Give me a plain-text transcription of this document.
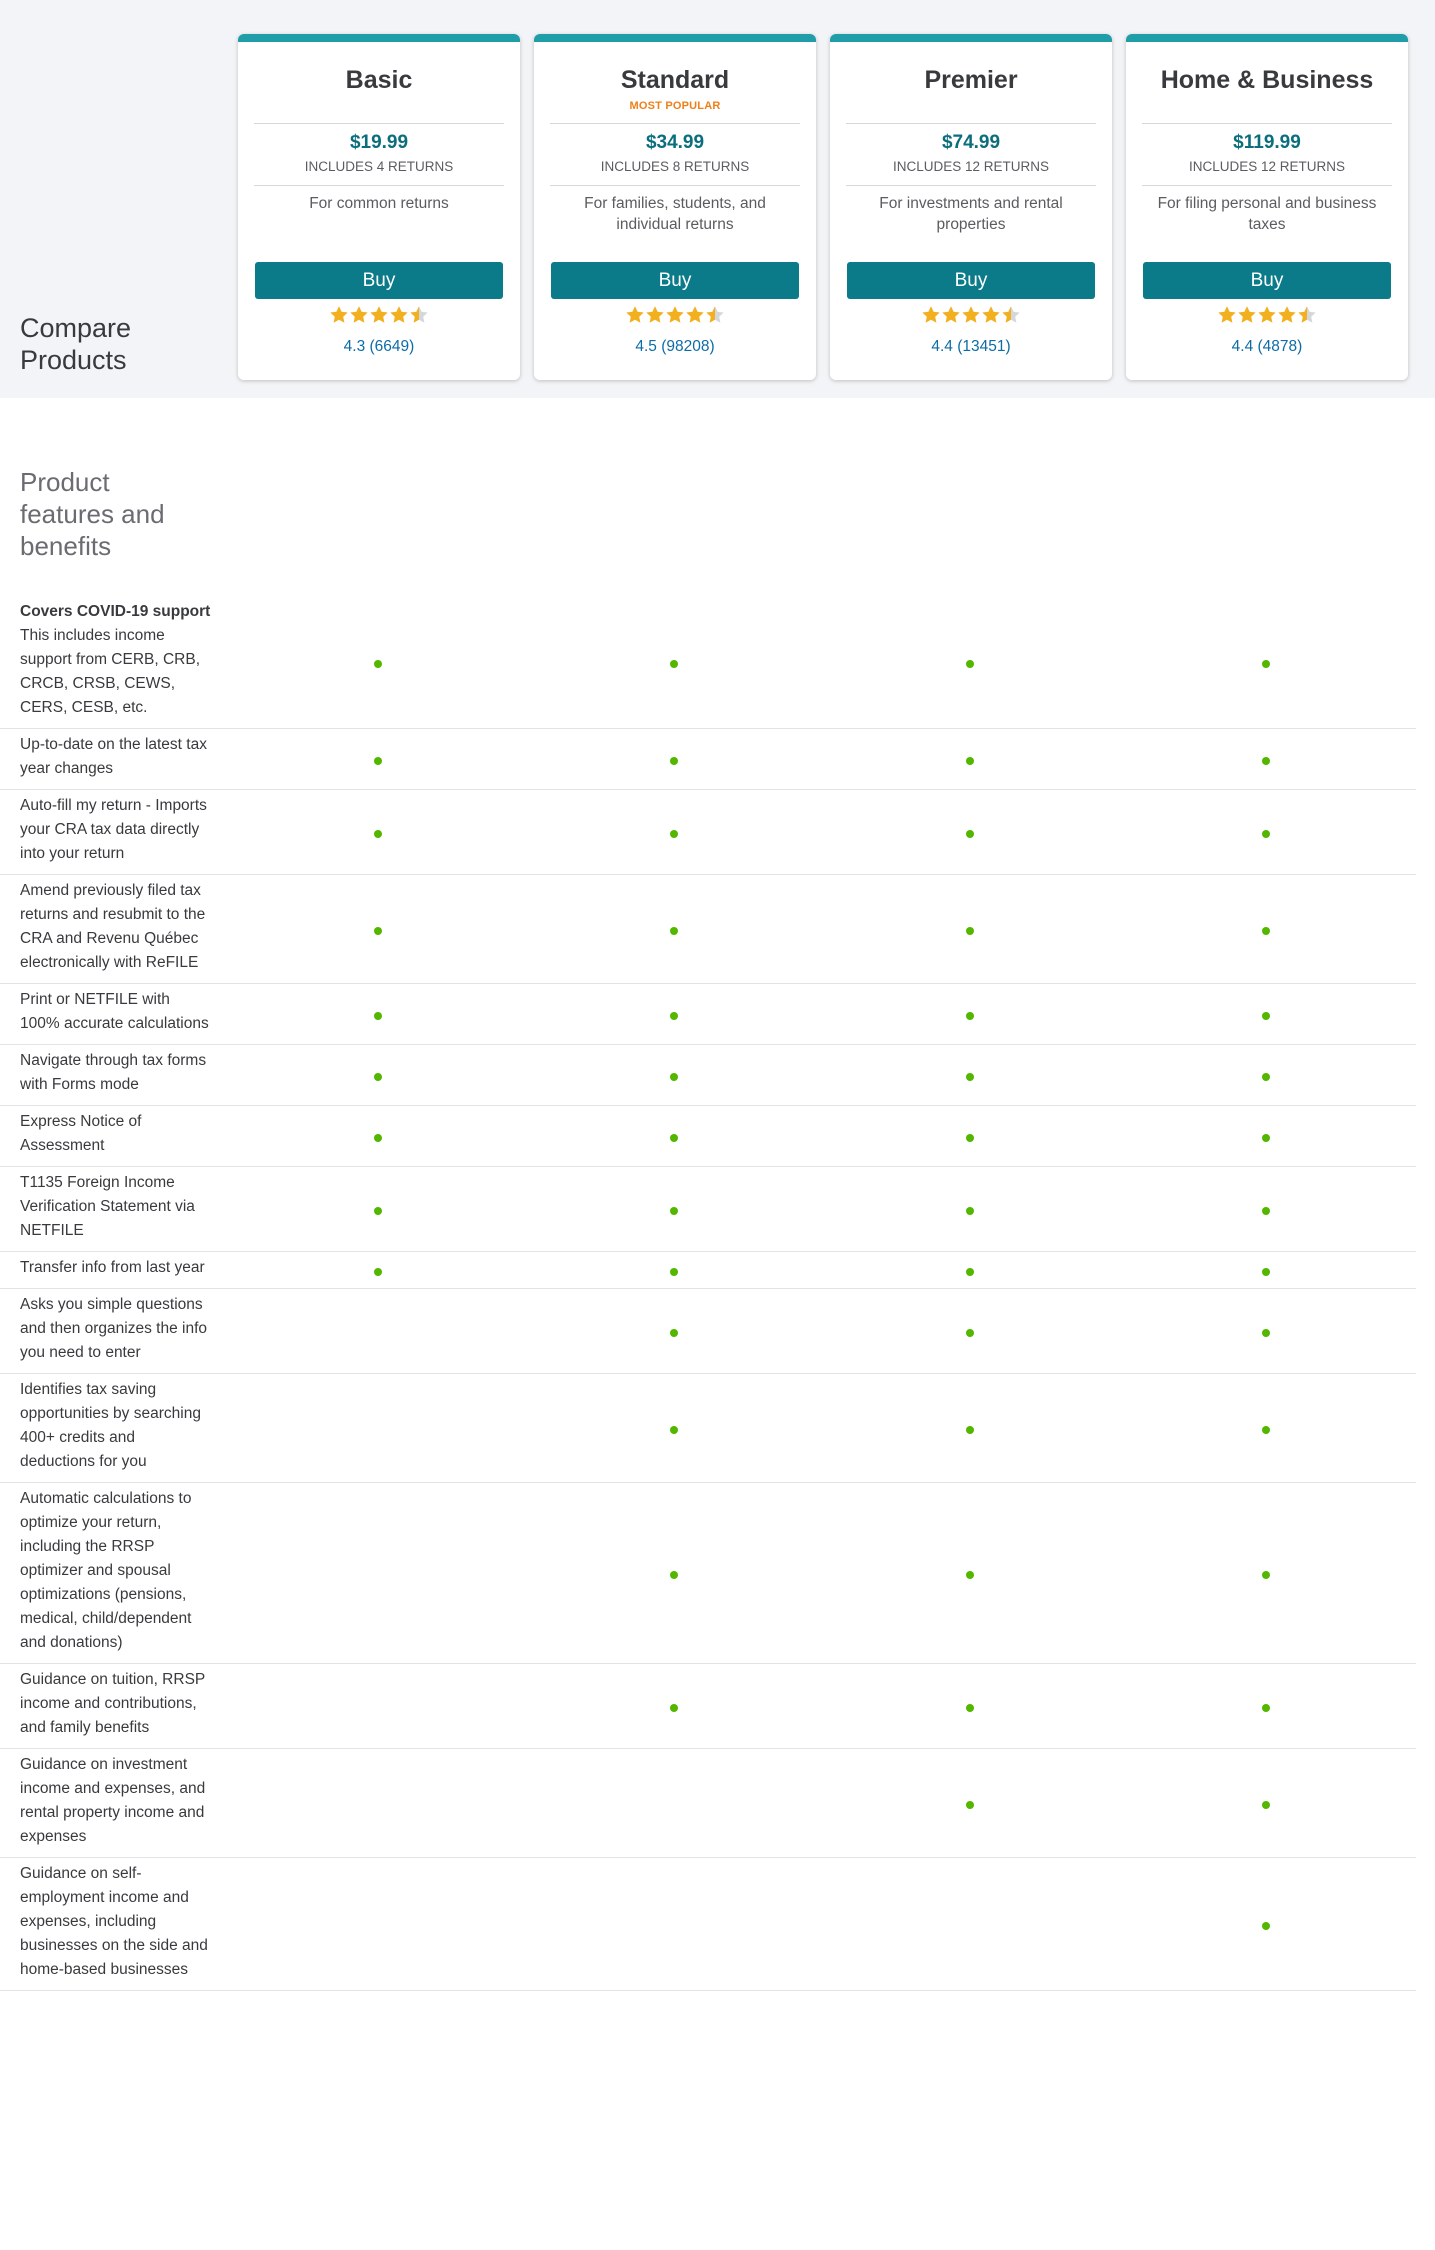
Compare Products
Basic
$19.99
INCLUDES 4 RETURNS
For common returns
Buy
4.3 (6649)
Standard
MOST POPULAR
$34.99
INCLUDES 8 RETURNS
For families, students, and individual returns
Buy
4.5 (98208)
Premier
$74.99
INCLUDES 12 RETURNS
For investments and rental properties
Buy
4.4 (13451)
Home & Business
$119.99
INCLUDES 12 RETURNS
For filing personal and business taxes
Buy
4.4 (4878)
Product features and benefits
Covers COVID-19 support
This includes income support from CERB, CRB, CRCB, CRSB, CEWS, CERS, CESB, etc.
Up-to-date on the latest tax year changes
Auto-fill my return - Imports your CRA tax data directly into your return
Amend previously filed tax returns and resubmit to the CRA and Revenu Québec electronically with ReFILE
Print or NETFILE with 100% accurate calculations
Navigate through tax forms with Forms mode
Express Notice of Assessment
T1135 Foreign Income Verification Statement via NETFILE
Transfer info from last year
Asks you simple questions and then organizes the info you need to enter
Identifies tax saving opportunities by searching 400+ credits and deductions for you
Automatic calculations to optimize your return, including the RRSP optimizer and spousal optimizations (pensions, medical, child/dependent and donations)
Guidance on tuition, RRSP income and contributions, and family benefits
Guidance on investment income and expenses, and rental property income and expenses
Guidance on self-employment income and expenses, including businesses on the side and home-based businesses
